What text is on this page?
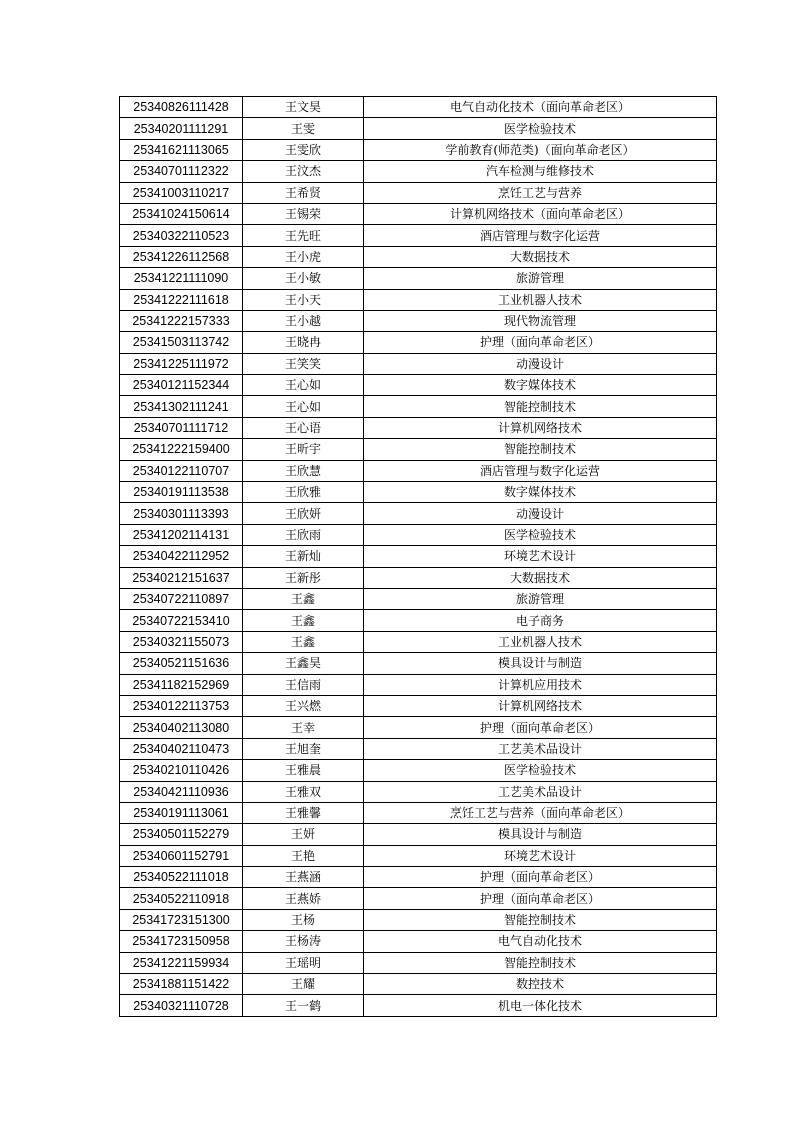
25340826111428	王文昊	电气自动化技术（面向革命老区）
25340201111291	王雯	医学检验技术
25341621113065	王雯欣	学前教育(师范类)（面向革命老区）
25340701112322	王汶杰	汽车检测与维修技术
25341003110217	王希贤	烹饪工艺与营养
25341024150614	王锡荣	计算机网络技术（面向革命老区）
25340322110523	王先旺	酒店管理与数字化运营
25341226112568	王小虎	大数据技术
25341221111090	王小敏	旅游管理
25341222111618	王小天	工业机器人技术
25341222157333	王小越	现代物流管理
25341503113742	王晓冉	护理（面向革命老区）
25341225111972	王笑笑	动漫设计
25340121152344	王心如	数字媒体技术
25341302111241	王心如	智能控制技术
25340701111712	王心语	计算机网络技术
25341222159400	王昕宇	智能控制技术
25340122110707	王欣慧	酒店管理与数字化运营
25340191113538	王欣雅	数字媒体技术
25340301113393	王欣妍	动漫设计
25341202114131	王欣雨	医学检验技术
25340422112952	王新灿	环境艺术设计
25340212151637	王新彤	大数据技术
25340722110897	王鑫	旅游管理
25340722153410	王鑫	电子商务
25340321155073	王鑫	工业机器人技术
25340521151636	王鑫昊	模具设计与制造
25341182152969	王信雨	计算机应用技术
25340122113753	王兴燃	计算机网络技术
25340402113080	王幸	护理（面向革命老区）
25340402110473	王旭奎	工艺美术品设计
25340210110426	王雅晨	医学检验技术
25340421110936	王雅双	工艺美术品设计
25340191113061	王雅馨	烹饪工艺与营养（面向革命老区）
25340501152279	王妍	模具设计与制造
25340601152791	王艳	环境艺术设计
25340522111018	王燕涵	护理（面向革命老区）
25340522110918	王燕娇	护理（面向革命老区）
25341723151300	王杨	智能控制技术
25341723150958	王杨涛	电气自动化技术
25341221159934	王瑶明	智能控制技术
25341881151422	王耀	数控技术
25340321110728	王一鹤	机电一体化技术
